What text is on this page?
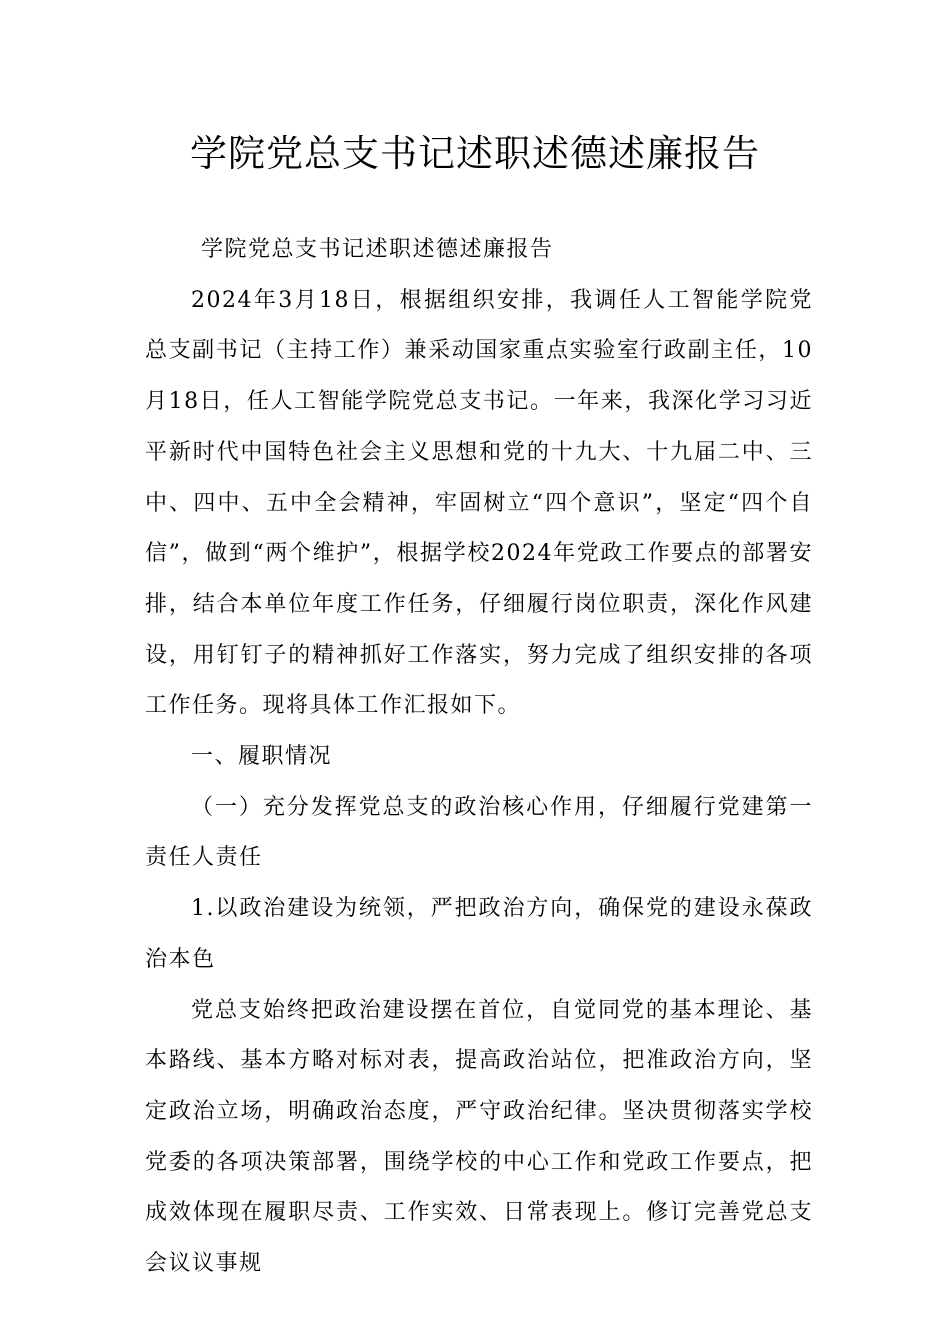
学院党总支书记述职述德述廉报告

学院党总支书记述职述德述廉报告

2024年3月18日，根据组织安排，我调任人工智能学院党总支副书记（主持工作）兼采动国家重点实验室行政副主任，10月18日，任人工智能学院党总支书记。一年来，我深化学习习近平新时代中国特色社会主义思想和党的十九大、十九届二中、三中、四中、五中全会精神，牢固树立“四个意识”，坚定“四个自信”，做到“两个维护”，根据学校2024年党政工作要点的部署安排，结合本单位年度工作任务，仔细履行岗位职责，深化作风建设，用钉钉子的精神抓好工作落实，努力完成了组织安排的各项工作任务。现将具体工作汇报如下。

一、履职情况

（一）充分发挥党总支的政治核心作用，仔细履行党建第一责任人责任

1.以政治建设为统领，严把政治方向，确保党的建设永葆政治本色

党总支始终把政治建设摆在首位，自觉同党的基本理论、基本路线、基本方略对标对表，提高政治站位，把准政治方向，坚定政治立场，明确政治态度，严守政治纪律。坚决贯彻落实学校党委的各项决策部署，围绕学校的中心工作和党政工作要点，把成效体现在履职尽责、工作实效、日常表现上。修订完善党总支会议议事规
